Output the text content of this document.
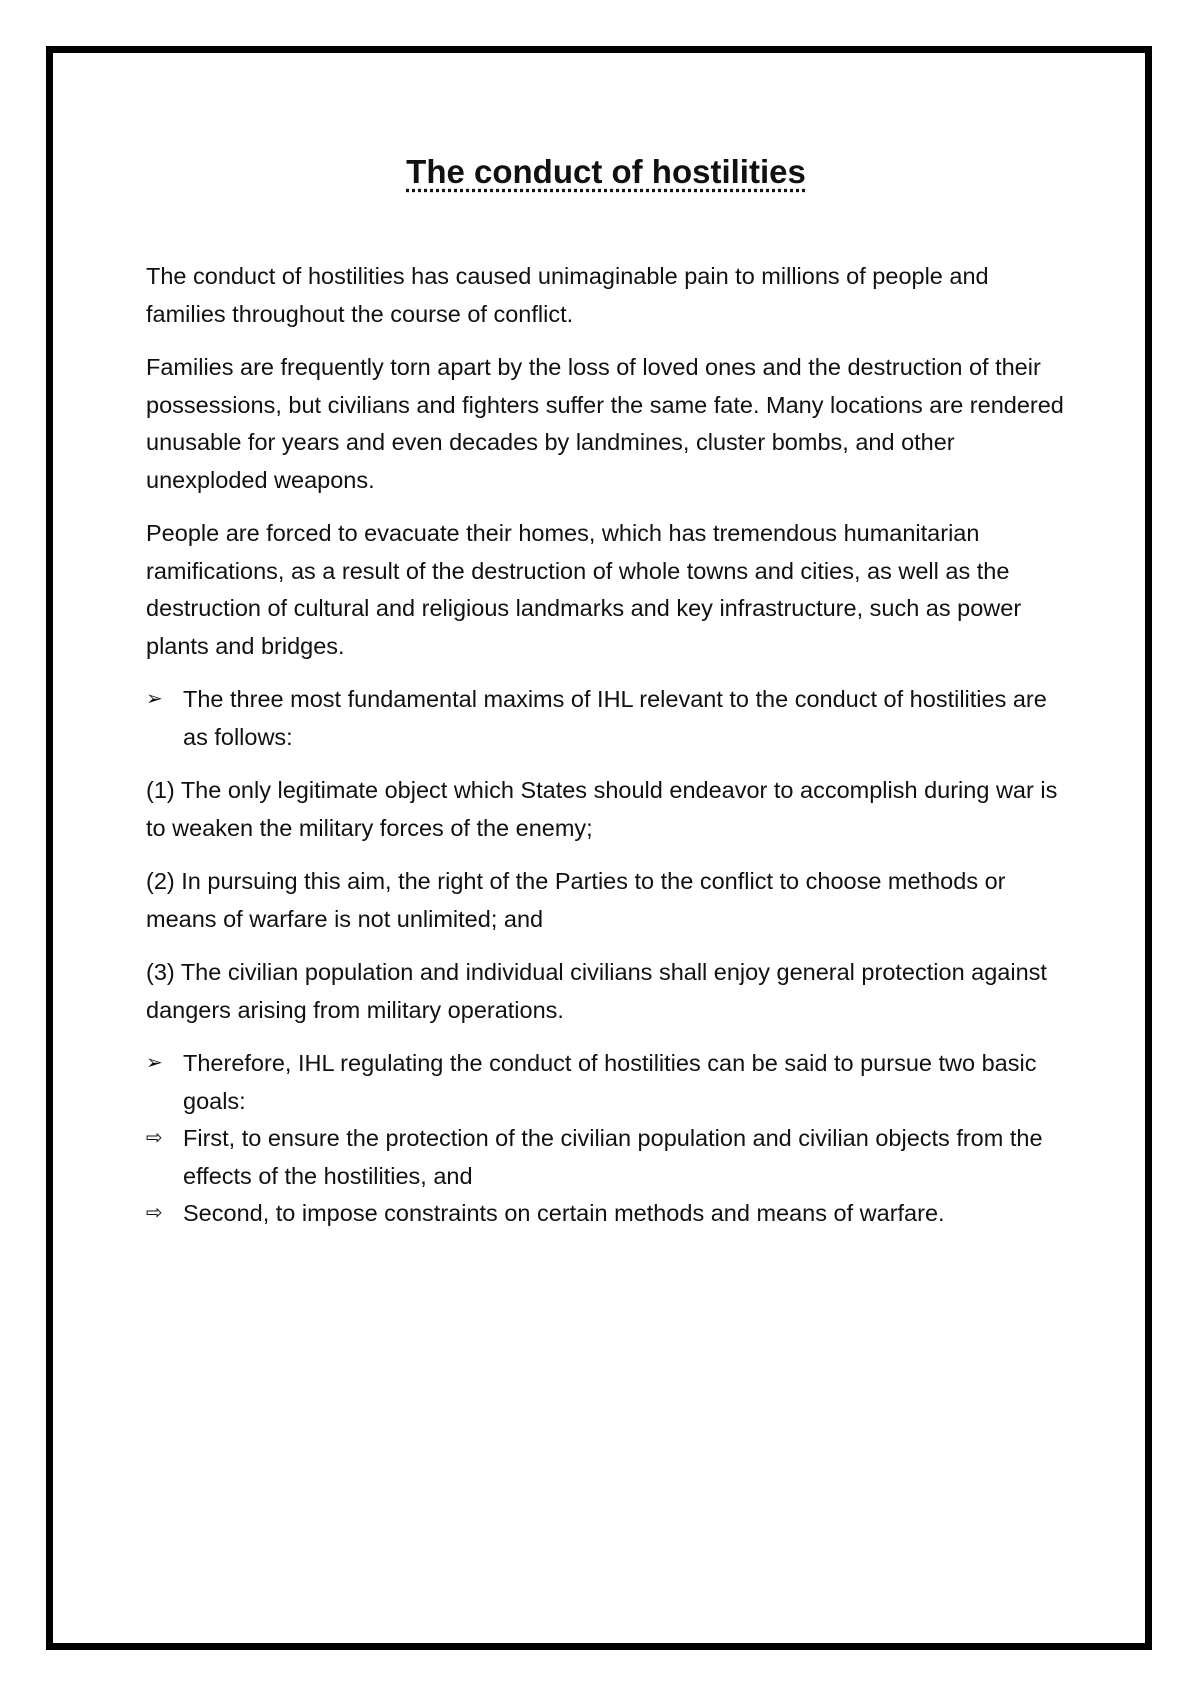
The conduct of hostilities

The conduct of hostilities has caused unimaginable pain to millions of people and families throughout the course of conflict.

Families are frequently torn apart by the loss of loved ones and the destruction of their possessions, but civilians and fighters suffer the same fate. Many locations are rendered unusable for years and even decades by landmines, cluster bombs, and other unexploded weapons.

People are forced to evacuate their homes, which has tremendous humanitarian ramifications, as a result of the destruction of whole towns and cities, as well as the destruction of cultural and religious landmarks and key infrastructure, such as power plants and bridges.

➢ The three most fundamental maxims of IHL relevant to the conduct of hostilities are as follows:

(1) The only legitimate object which States should endeavor to accomplish during war is to weaken the military forces of the enemy;

(2) In pursuing this aim, the right of the Parties to the conflict to choose methods or means of warfare is not unlimited; and

(3) The civilian population and individual civilians shall enjoy general protection against dangers arising from military operations.

➢ Therefore, IHL regulating the conduct of hostilities can be said to pursue two basic goals:
⇨ First, to ensure the protection of the civilian population and civilian objects from the effects of the hostilities, and
⇨ Second, to impose constraints on certain methods and means of warfare.
